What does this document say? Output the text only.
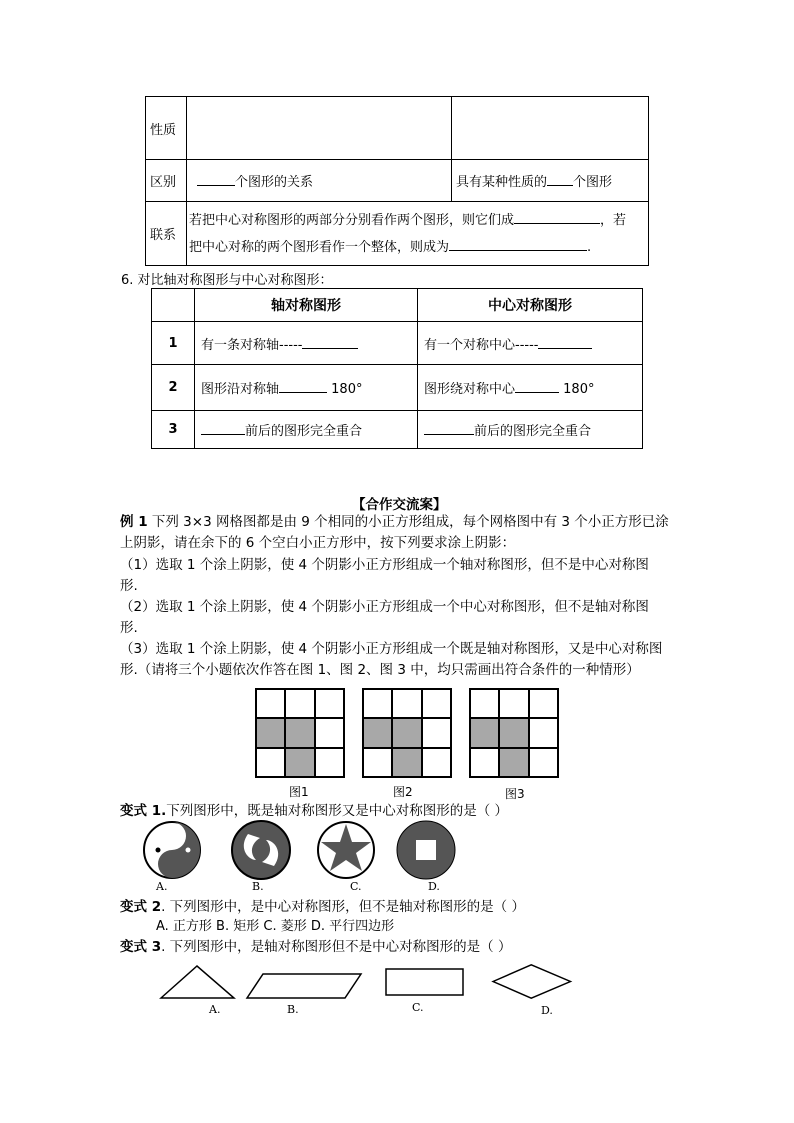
性质		
区别	个图形的关系	具有某种性质的 个图形
联系	若把中心对称图形的两部分分别看作两个图形，则它们成 ，若
把中心对称的两个图形看作一个整体，则成为 .	
6. 对比轴对称图形与中心对称图形：
	轴对称图形	中心对称图形
1	有一条对称轴-----	有一个对称中心-----
2	图形沿对称轴 180°	图形绕对称中心 180°
3	前后的图形完全重合	前后的图形完全重合
【合作交流案】
例 1 下列 3×3 网格图都是由 9 个相同的小正方形组成，每个网格图中有 3 个小正方形已涂
上阴影，请在余下的 6 个空白小正方形中，按下列要求涂上阴影：
（1）选取 1 个涂上阴影，使 4 个阴影小正方形组成一个轴对称图形，但不是中心对称图
形.
（2）选取 1 个涂上阴影，使 4 个阴影小正方形组成一个中心对称图形，但不是轴对称图
形.
（3）选取 1 个涂上阴影，使 4 个阴影小正方形组成一个既是轴对称图形，又是中心对称图
形.（请将三个小题依次作答在图 1、图 2、图 3 中，均只需画出符合条件的一种情形）
图1	图2	图3
变式 1.下列图形中，既是轴对称图形又是中心对称图形的是（ ）
A.	B.	C.	D.
变式 2. 下列图形中，是中心对称图形，但不是轴对称图形的是（ ）
A. 正方形 B. 矩形 C. 菱形 D. 平行四边形
变式 3. 下列图形中，是轴对称图形但不是中心对称图形的是（ ）
A.	B.	C.	D.
